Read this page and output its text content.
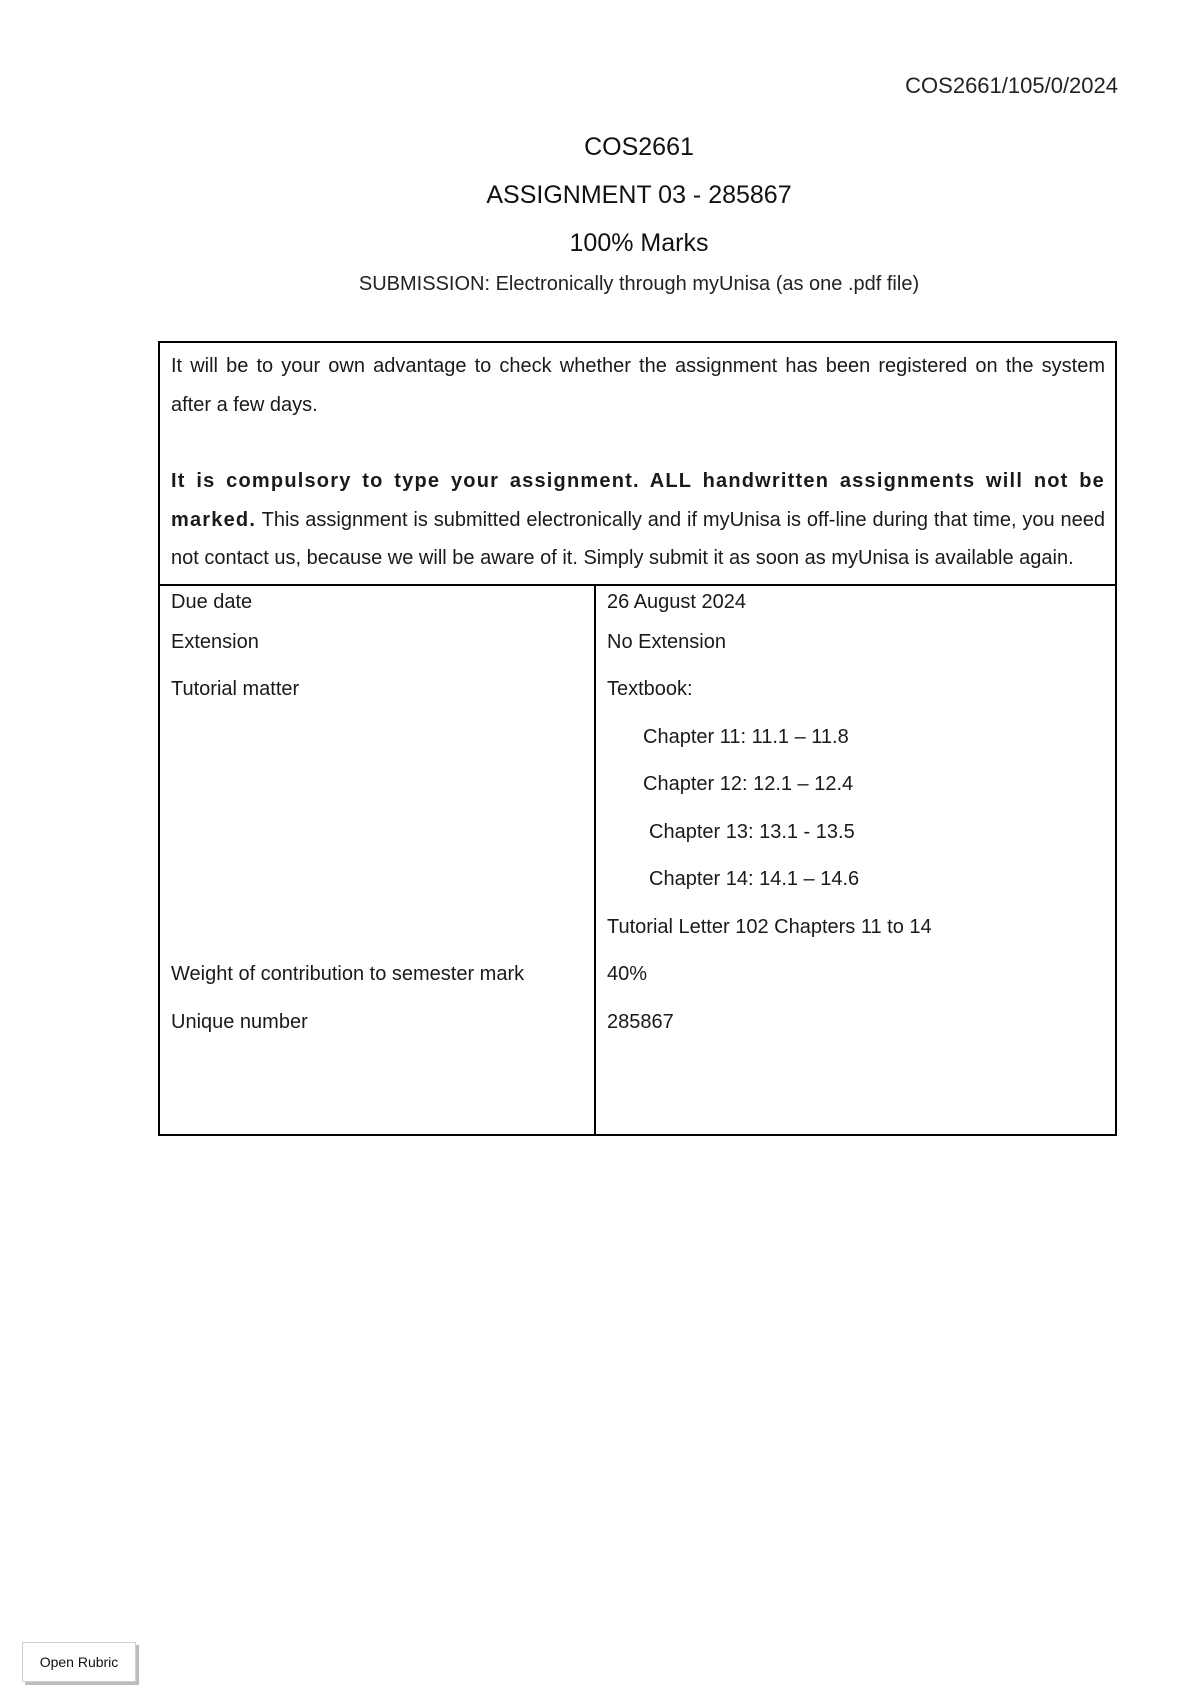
COS2661/105/0/2024
COS2661
ASSIGNMENT 03 - 285867
100% Marks
SUBMISSION: Electronically through myUnisa (as one .pdf file)

It will be to your own advantage to check whether the assignment has been registered on the system after a few days.

It is compulsory to type your assignment. ALL handwritten assignments will not be marked. This assignment is submitted electronically and if myUnisa is off-line during that time, you need not contact us, because we will be aware of it. Simply submit it as soon as myUnisa is available again.

Due date
Extension
Tutorial matter
Weight of contribution to semester mark
Unique number
26 August 2024
No Extension
Textbook:
Chapter 11: 11.1 – 11.8
Chapter 12: 12.1 – 12.4
Chapter 13: 13.1 - 13.5
Chapter 14: 14.1 – 14.6
Tutorial Letter 102 Chapters 11 to 14
40%
285867
Open Rubric
